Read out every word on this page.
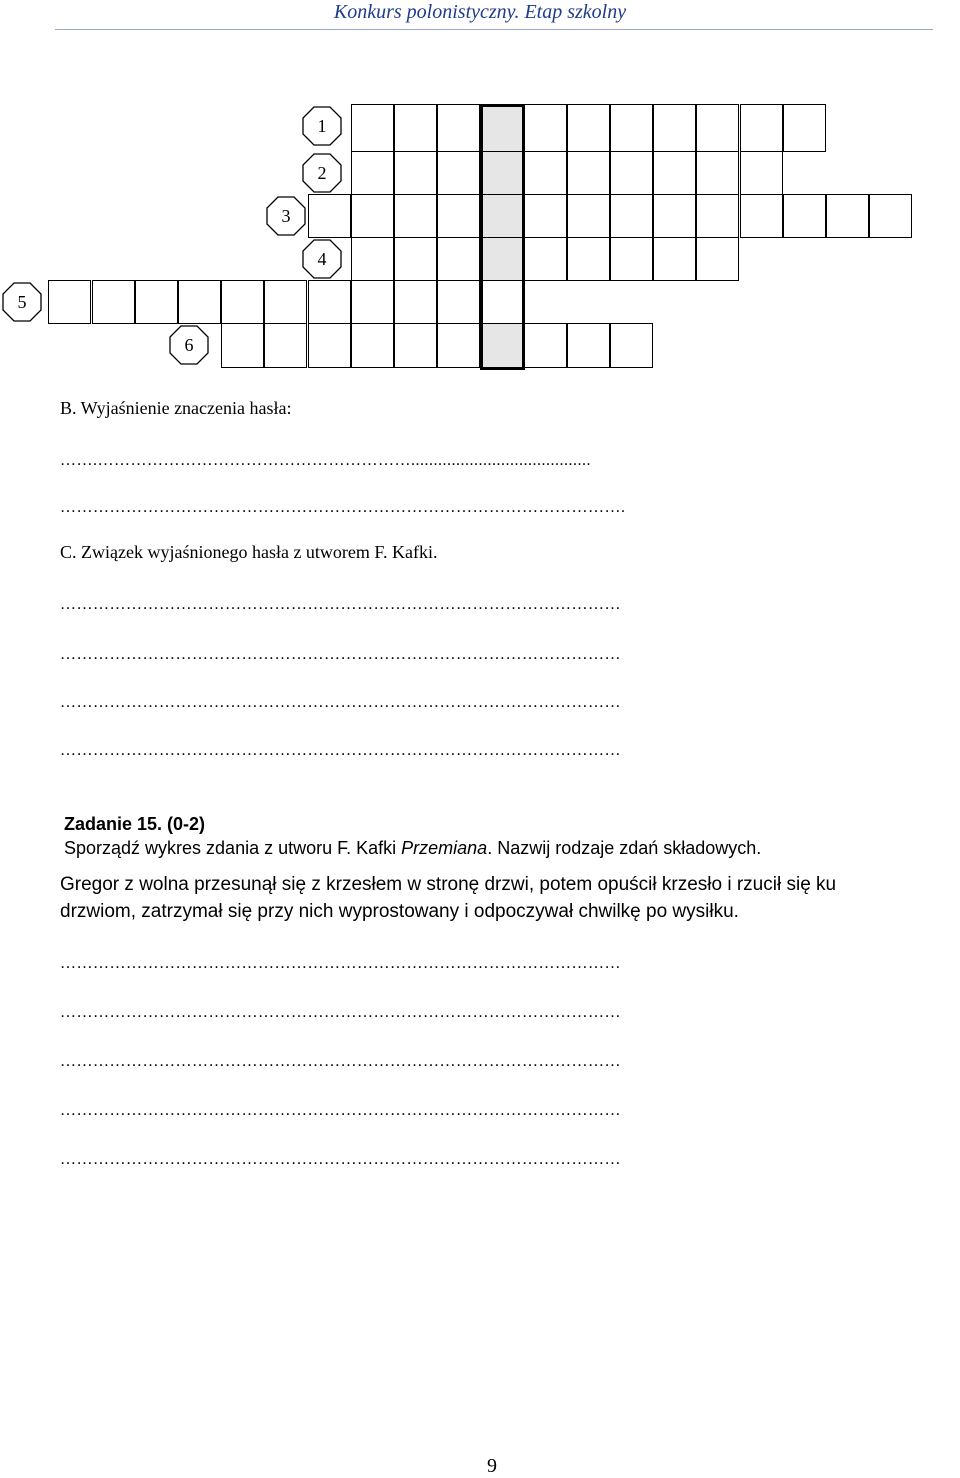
Konkurs polonistyczny. Etap szkolny
1
2
3
4
5
6
B. Wyjaśnienie znaczenia hasła:
…….…………………………………………………........................................
………………………………………………………………………………………….
C. Związek wyjaśnionego hasła z utworem F. Kafki.
…………………………………………………………………………………………
…………………………………………………………………………………………
…………………………………………………………………………………………
…………………………………………………………………………………………
Zadanie 15. (0-2)
Sporządź wykres zdania z utworu F. Kafki Przemiana. Nazwij rodzaje zdań składowych.
Gregor z wolna przesunął się z krzesłem w stronę drzwi, potem opuścił krzesło i rzucił się ku
drzwiom, zatrzymał się przy nich wyprostowany i odpoczywał chwilkę po wysiłku.
…………………………………………………………………………………………
…………………………………………………………………………………………
…………………………………………………………………………………………
…………………………………………………………………………………………
…………………………………………………………………………………………
9
